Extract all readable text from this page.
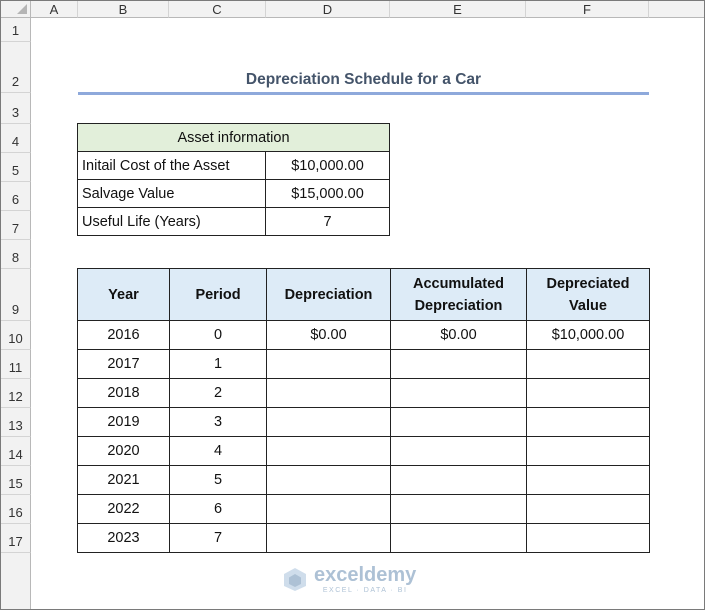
A	B	C	D	E	F
1
2
3
4
5
6
7
8
9
10
11
12
13
14
15
16
17
Depreciation Schedule for a Car
Asset information	
Initail Cost of the Asset	$10,000.00
Salvage Value	$15,000.00
Useful Life (Years)	7
Year	Period	Depreciation	Accumulated Depreciation	Depreciated Value
2016	0	$0.00	$0.00	$10,000.00
2017	1			
2018	2			
2019	3			
2020	4			
2021	5			
2022	6			
2023	7			
exceldemy
EXCEL · DATA · BI
